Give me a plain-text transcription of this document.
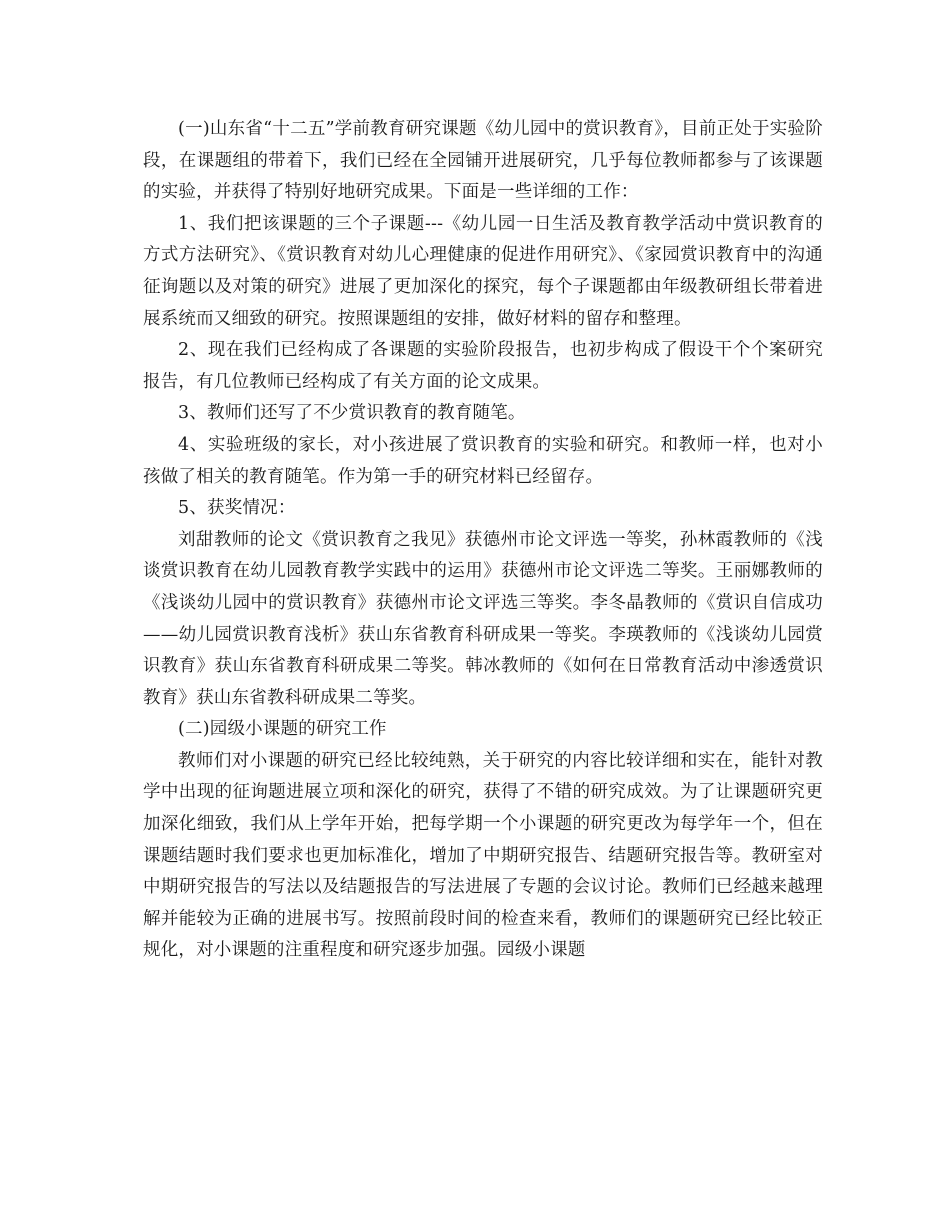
(一)山东省“十二五”学前教育研究课题《幼儿园中的赏识教育》，目前正处于实验阶段，在课题组的带着下，我们已经在全园铺开进展研究，几乎每位教师都参与了该课题的实验，并获得了特别好地研究成果。下面是一些详细的工作：

1、我们把该课题的三个子课题---《幼儿园一日生活及教育教学活动中赏识教育的方式方法研究》、《赏识教育对幼儿心理健康的促进作用研究》、《家园赏识教育中的沟通征询题以及对策的研究》进展了更加深化的探究，每个子课题都由年级教研组长带着进展系统而又细致的研究。按照课题组的安排，做好材料的留存和整理。

2、现在我们已经构成了各课题的实验阶段报告，也初步构成了假设干个个案研究报告，有几位教师已经构成了有关方面的论文成果。

3、教师们还写了不少赏识教育的教育随笔。

4、实验班级的家长，对小孩进展了赏识教育的实验和研究。和教师一样，也对小孩做了相关的教育随笔。作为第一手的研究材料已经留存。

5、获奖情况：

刘甜教师的论文《赏识教育之我见》获德州市论文评选一等奖，孙林霞教师的《浅谈赏识教育在幼儿园教育教学实践中的运用》获德州市论文评选二等奖。王丽娜教师的《浅谈幼儿园中的赏识教育》获德州市论文评选三等奖。李冬晶教师的《赏识自信成功——幼儿园赏识教育浅析》获山东省教育科研成果一等奖。李瑛教师的《浅谈幼儿园赏识教育》获山东省教育科研成果二等奖。韩冰教师的《如何在日常教育活动中渗透赏识教育》获山东省教科研成果二等奖。

(二)园级小课题的研究工作

教师们对小课题的研究已经比较纯熟，关于研究的内容比较详细和实在，能针对教学中出现的征询题进展立项和深化的研究，获得了不错的研究成效。为了让课题研究更加深化细致，我们从上学年开始，把每学期一个小课题的研究更改为每学年一个，但在课题结题时我们要求也更加标准化，增加了中期研究报告、结题研究报告等。教研室对中期研究报告的写法以及结题报告的写法进展了专题的会议讨论。教师们已经越来越理解并能较为正确的进展书写。按照前段时间的检查来看，教师们的课题研究已经比较正规化，对小课题的注重程度和研究逐步加强。园级小课题
